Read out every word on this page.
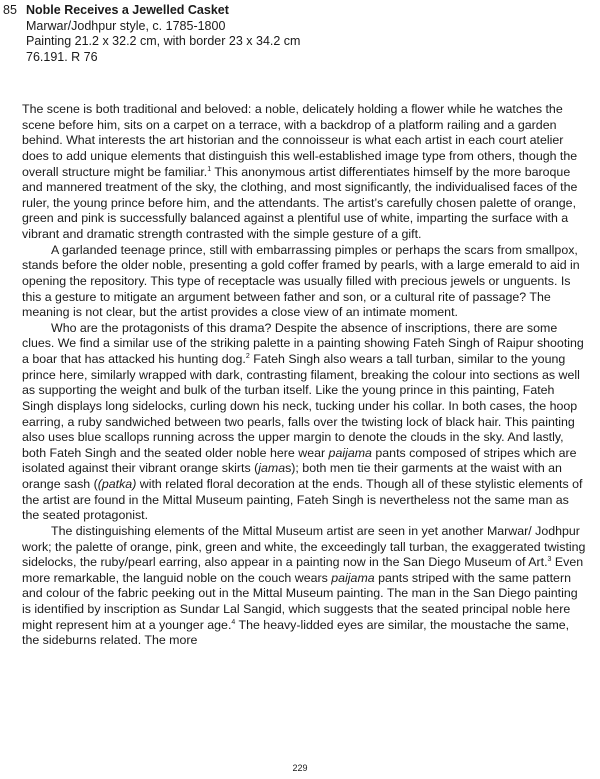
85 Noble Receives a Jewelled Casket
Marwar/Jodhpur style, c. 1785-1800
Painting 21.2 x 32.2 cm, with border 23 x 34.2 cm
76.191. R 76

The scene is both traditional and beloved: a noble, delicately holding a flower while he watches the scene before him, sits on a carpet on a terrace, with a backdrop of a platform railing and a garden behind. What interests the art historian and the connoisseur is what each artist in each court atelier does to add unique elements that distinguish this well-established image type from others, though the overall structure might be familiar.$^1$ This anonymous artist differentiates himself by the more baroque and mannered treatment of the sky, the clothing, and most significantly, the individualised faces of the ruler, the young prince before him, and the attendants. The artist’s carefully chosen palette of orange, green and pink is successfully balanced against a plentiful use of white, imparting the surface with a vibrant and dramatic strength contrasted with the simple gesture of a gift.

A garlanded teenage prince, still with embarrassing pimples or perhaps the scars from smallpox, stands before the older noble, presenting a gold coffer framed by pearls, with a large emerald to aid in opening the repository. This type of receptacle was usually filled with precious jewels or unguents. Is this a gesture to mitigate an argument between father and son, or a cultural rite of passage? The meaning is not clear, but the artist provides a close view of an intimate moment.

Who are the protagonists of this drama? Despite the absence of inscriptions, there are some clues. We find a similar use of the striking palette in a painting showing Fateh Singh of Raipur shooting a boar that has attacked his hunting dog.$^2$ Fateh Singh also wears a tall turban, similar to the young prince here, similarly wrapped with dark, contrasting filament, breaking the colour into sections as well as supporting the weight and bulk of the turban itself. Like the young prince in this painting, Fateh Singh displays long sidelocks, curling down his neck, tucking under his collar. In both cases, the hoop earring, a ruby sandwiched between two pearls, falls over the twisting lock of black hair. This painting also uses blue scallops running across the upper margin to denote the clouds in the sky. And lastly, both Fateh Singh and the seated older noble here wear paijama pants composed of stripes which are isolated against their vibrant orange skirts (jamas); both men tie their garments at the waist with an orange sash ((patka) with related floral decoration at the ends. Though all of these stylistic elements of the artist are found in the Mittal Museum painting, Fateh Singh is nevertheless not the same man as the seated protagonist.

The distinguishing elements of the Mittal Museum artist are seen in yet another Marwar/ Jodhpur work; the palette of orange, pink, green and white, the exceedingly tall turban, the exaggerated twisting sidelocks, the ruby/pearl earring, also appear in a painting now in the San Diego Museum of Art.$^3$ Even more remarkable, the languid noble on the couch wears paijama pants striped with the same pattern and colour of the fabric peeking out in the Mittal Museum painting. The man in the San Diego painting is identified by inscription as Sundar Lal Sangid, which suggests that the seated principal noble here might represent him at a younger age.$^4$ The heavy-lidded eyes are similar, the moustache the same, the sideburns related. The more

229
